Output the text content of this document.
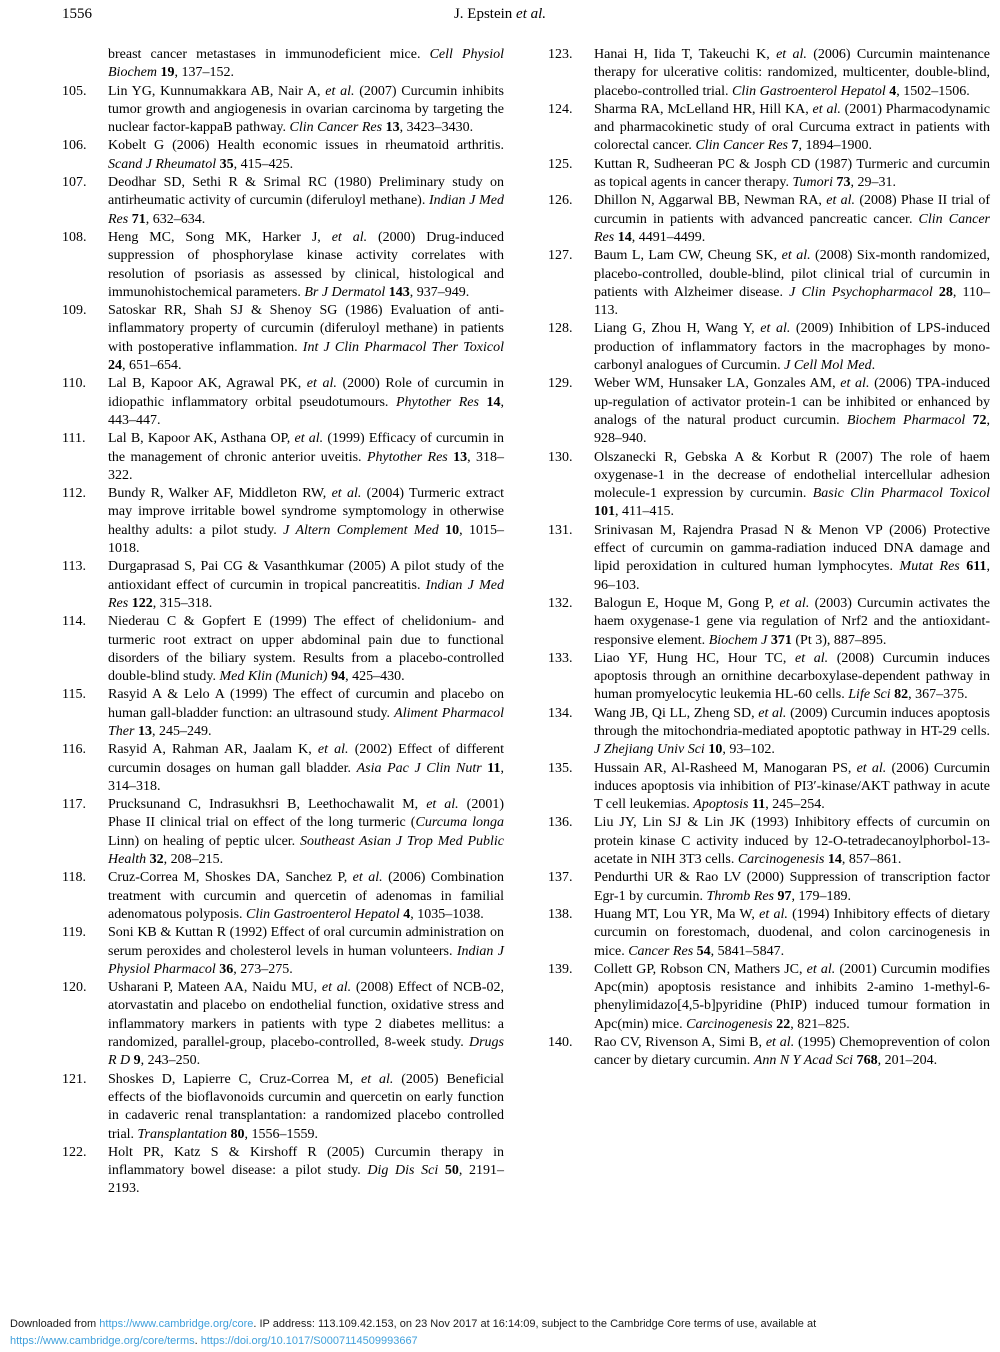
1556	J. Epstein et al.
breast cancer metastases in immunodeficient mice. Cell Physiol Biochem 19, 137–152.
105. Lin YG, Kunnumakkara AB, Nair A, et al. (2007) Curcumin inhibits tumor growth and angiogenesis in ovarian carcinoma by targeting the nuclear factor-kappaB pathway. Clin Cancer Res 13, 3423–3430.
106. Kobelt G (2006) Health economic issues in rheumatoid arthritis. Scand J Rheumatol 35, 415–425.
107. Deodhar SD, Sethi R & Srimal RC (1980) Preliminary study on antirheumatic activity of curcumin (diferuloyl methane). Indian J Med Res 71, 632–634.
108. Heng MC, Song MK, Harker J, et al. (2000) Drug-induced suppression of phosphorylase kinase activity correlates with resolution of psoriasis as assessed by clinical, histological and immunohistochemical parameters. Br J Dermatol 143, 937–949.
109. Satoskar RR, Shah SJ & Shenoy SG (1986) Evaluation of anti-inflammatory property of curcumin (diferuloyl methane) in patients with postoperative inflammation. Int J Clin Pharmacol Ther Toxicol 24, 651–654.
110. Lal B, Kapoor AK, Agrawal PK, et al. (2000) Role of curcumin in idiopathic inflammatory orbital pseudotumours. Phytother Res 14, 443–447.
111. Lal B, Kapoor AK, Asthana OP, et al. (1999) Efficacy of curcumin in the management of chronic anterior uveitis. Phytother Res 13, 318–322.
112. Bundy R, Walker AF, Middleton RW, et al. (2004) Turmeric extract may improve irritable bowel syndrome symptomology in otherwise healthy adults: a pilot study. J Altern Complement Med 10, 1015–1018.
113. Durgaprasad S, Pai CG & Vasanthkumar (2005) A pilot study of the antioxidant effect of curcumin in tropical pancreatitis. Indian J Med Res 122, 315–318.
114. Niederau C & Gopfert E (1999) The effect of chelidonium- and turmeric root extract on upper abdominal pain due to functional disorders of the biliary system. Results from a placebo-controlled double-blind study. Med Klin (Munich) 94, 425–430.
115. Rasyid A & Lelo A (1999) The effect of curcumin and placebo on human gall-bladder function: an ultrasound study. Aliment Pharmacol Ther 13, 245–249.
116. Rasyid A, Rahman AR, Jaalam K, et al. (2002) Effect of different curcumin dosages on human gall bladder. Asia Pac J Clin Nutr 11, 314–318.
117. Prucksunand C, Indrasukhsri B, Leethochawalit M, et al. (2001) Phase II clinical trial on effect of the long turmeric (Curcuma longa Linn) on healing of peptic ulcer. Southeast Asian J Trop Med Public Health 32, 208–215.
118. Cruz-Correa M, Shoskes DA, Sanchez P, et al. (2006) Combination treatment with curcumin and quercetin of adenomas in familial adenomatous polyposis. Clin Gastroenterol Hepatol 4, 1035–1038.
119. Soni KB & Kuttan R (1992) Effect of oral curcumin administration on serum peroxides and cholesterol levels in human volunteers. Indian J Physiol Pharmacol 36, 273–275.
120. Usharani P, Mateen AA, Naidu MU, et al. (2008) Effect of NCB-02, atorvastatin and placebo on endothelial function, oxidative stress and inflammatory markers in patients with type 2 diabetes mellitus: a randomized, parallel-group, placebo-controlled, 8-week study. Drugs R D 9, 243–250.
121. Shoskes D, Lapierre C, Cruz-Correa M, et al. (2005) Beneficial effects of the bioflavonoids curcumin and quercetin on early function in cadaveric renal transplantation: a randomized placebo controlled trial. Transplantation 80, 1556–1559.
122. Holt PR, Katz S & Kirshoff R (2005) Curcumin therapy in inflammatory bowel disease: a pilot study. Dig Dis Sci 50, 2191–2193.
123. Hanai H, Iida T, Takeuchi K, et al. (2006) Curcumin maintenance therapy for ulcerative colitis: randomized, multicenter, double-blind, placebo-controlled trial. Clin Gastroenterol Hepatol 4, 1502–1506.
124. Sharma RA, McLelland HR, Hill KA, et al. (2001) Pharmacodynamic and pharmacokinetic study of oral Curcuma extract in patients with colorectal cancer. Clin Cancer Res 7, 1894–1900.
125. Kuttan R, Sudheeran PC & Josph CD (1987) Turmeric and curcumin as topical agents in cancer therapy. Tumori 73, 29–31.
126. Dhillon N, Aggarwal BB, Newman RA, et al. (2008) Phase II trial of curcumin in patients with advanced pancreatic cancer. Clin Cancer Res 14, 4491–4499.
127. Baum L, Lam CW, Cheung SK, et al. (2008) Six-month randomized, placebo-controlled, double-blind, pilot clinical trial of curcumin in patients with Alzheimer disease. J Clin Psychopharmacol 28, 110–113.
128. Liang G, Zhou H, Wang Y, et al. (2009) Inhibition of LPS-induced production of inflammatory factors in the macrophages by mono-carbonyl analogues of Curcumin. J Cell Mol Med.
129. Weber WM, Hunsaker LA, Gonzales AM, et al. (2006) TPA-induced up-regulation of activator protein-1 can be inhibited or enhanced by analogs of the natural product curcumin. Biochem Pharmacol 72, 928–940.
130. Olszanecki R, Gebska A & Korbut R (2007) The role of haem oxygenase-1 in the decrease of endothelial intercellular adhesion molecule-1 expression by curcumin. Basic Clin Pharmacol Toxicol 101, 411–415.
131. Srinivasan M, Rajendra Prasad N & Menon VP (2006) Protective effect of curcumin on gamma-radiation induced DNA damage and lipid peroxidation in cultured human lymphocytes. Mutat Res 611, 96–103.
132. Balogun E, Hoque M, Gong P, et al. (2003) Curcumin activates the haem oxygenase-1 gene via regulation of Nrf2 and the antioxidant-responsive element. Biochem J 371 (Pt 3), 887–895.
133. Liao YF, Hung HC, Hour TC, et al. (2008) Curcumin induces apoptosis through an ornithine decarboxylase-dependent pathway in human promyelocytic leukemia HL-60 cells. Life Sci 82, 367–375.
134. Wang JB, Qi LL, Zheng SD, et al. (2009) Curcumin induces apoptosis through the mitochondria-mediated apoptotic pathway in HT-29 cells. J Zhejiang Univ Sci 10, 93–102.
135. Hussain AR, Al-Rasheed M, Manogaran PS, et al. (2006) Curcumin induces apoptosis via inhibition of PI3′-kinase/AKT pathway in acute T cell leukemias. Apoptosis 11, 245–254.
136. Liu JY, Lin SJ & Lin JK (1993) Inhibitory effects of curcumin on protein kinase C activity induced by 12-O-tetradecanoylphorbol-13-acetate in NIH 3T3 cells. Carcinogenesis 14, 857–861.
137. Pendurthi UR & Rao LV (2000) Suppression of transcription factor Egr-1 by curcumin. Thromb Res 97, 179–189.
138. Huang MT, Lou YR, Ma W, et al. (1994) Inhibitory effects of dietary curcumin on forestomach, duodenal, and colon carcinogenesis in mice. Cancer Res 54, 5841–5847.
139. Collett GP, Robson CN, Mathers JC, et al. (2001) Curcumin modifies Apc(min) apoptosis resistance and inhibits 2-amino 1-methyl-6-phenylimidazo[4,5-b]pyridine (PhIP) induced tumour formation in Apc(min) mice. Carcinogenesis 22, 821–825.
140. Rao CV, Rivenson A, Simi B, et al. (1995) Chemoprevention of colon cancer by dietary curcumin. Ann N Y Acad Sci 768, 201–204.
Downloaded from https://www.cambridge.org/core. IP address: 113.109.42.153, on 23 Nov 2017 at 16:14:09, subject to the Cambridge Core terms of use, available at
https://www.cambridge.org/core/terms. https://doi.org/10.1017/S0007114509993667
